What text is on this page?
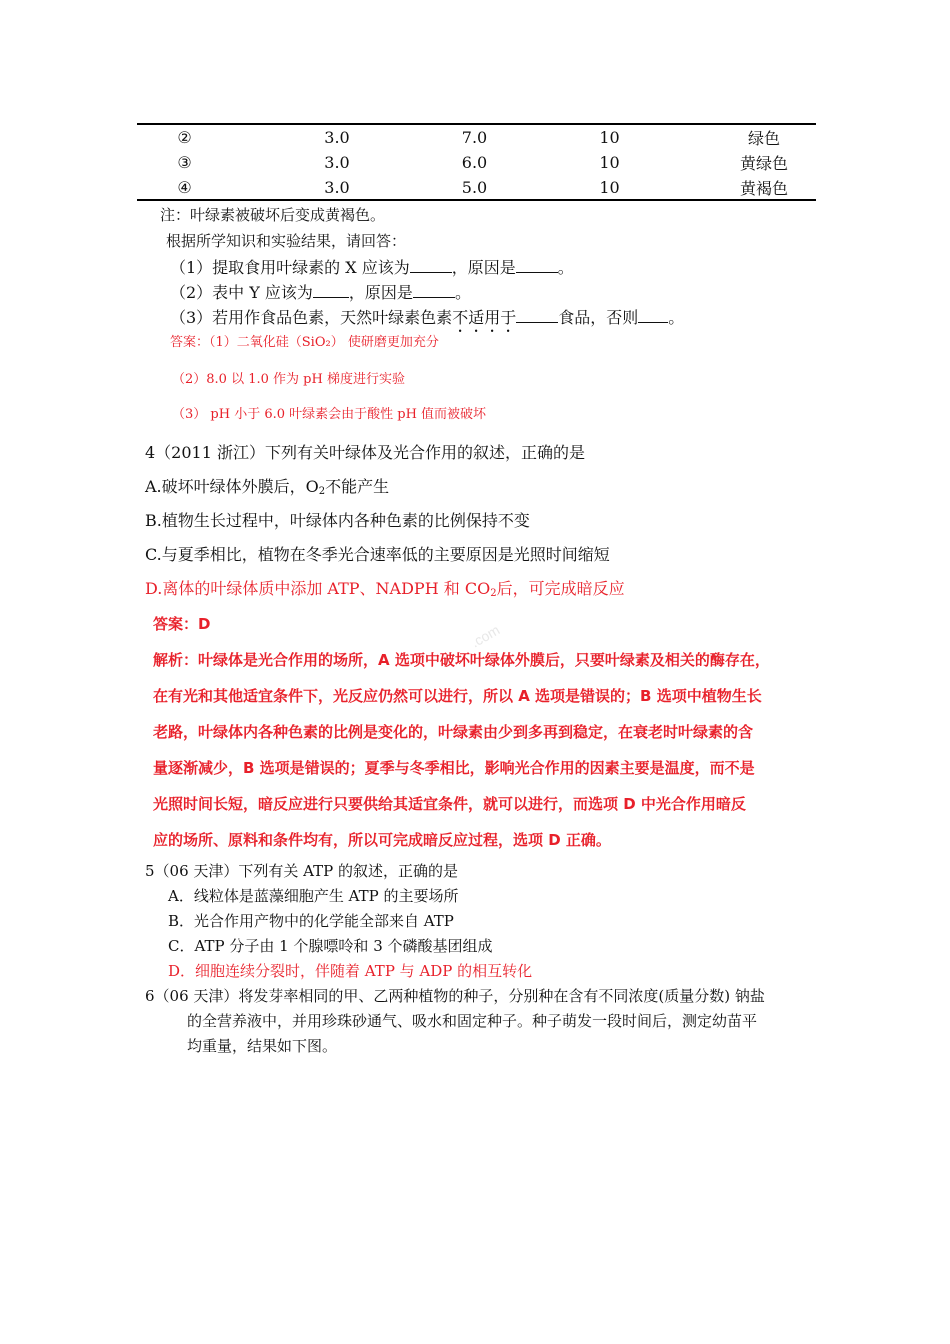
.com
②	3.0	7.0	10	绿色
③	3.0	6.0	10	黄绿色
④	3.0	5.0	10	黄褐色
注：叶绿素被破坏后变成黄褐色。
根据所学知识和实验结果，请回答：
（1）提取食用叶绿素的 X 应该为	，原因是	。
（2）表中 Y 应该为 ，原因是	。
（3）若用作食品色素，天然叶绿素色素不适用于	食品，否则 。
答案：（1）二氧化硅（SiO₂） 使研磨更加充分
（2）8.0 以 1.0 作为 pH 梯度进行实验
（3） pH 小于 6.0 叶绿素会由于酸性 pH 值而被破坏
4（2011 浙江）下列有关叶绿体及光合作用的叙述，正确的是
A.破坏叶绿体外膜后，$O_2$不能产生
B.植物生长过程中，叶绿体内各种色素的比例保持不变
C.与夏季相比，植物在冬季光合速率低的主要原因是光照时间缩短
D.离体的叶绿体质中添加 ATP、NADPH 和 $CO_2$后，可完成暗反应
答案：D
解析：叶绿体是光合作用的场所，A 选项中破坏叶绿体外膜后，只要叶绿素及相关的酶存在，
在有光和其他适宜条件下，光反应仍然可以进行，所以 A 选项是错误的；B 选项中植物生长
老路，叶绿体内各种色素的比例是变化的，叶绿素由少到多再到稳定，在衰老时叶绿素的含
量逐渐减少，B 选项是错误的；夏季与冬季相比，影响光合作用的因素主要是温度，而不是
光照时间长短，暗反应进行只要供给其适宜条件，就可以进行，而选项 D 中光合作用暗反
应的场所、原料和条件均有，所以可完成暗反应过程，选项 D 正确。
5（06 天津）下列有关 ATP 的叙述，正确的是
A．线粒体是蓝藻细胞产生 ATP 的主要场所
B．光合作用产物中的化学能全部来自 ATP
C．ATP 分子由 1 个腺嘌呤和 3 个磷酸基团组成
D．细胞连续分裂时，伴随着 ATP 与 ADP 的相互转化
6（06 天津）将发芽率相同的甲、乙两种植物的种子，分别种在含有不同浓度(质量分数) 钠盐
的全营养液中，并用珍珠砂通气、吸水和固定种子。种子萌发一段时间后，测定幼苗平
均重量，结果如下图。
